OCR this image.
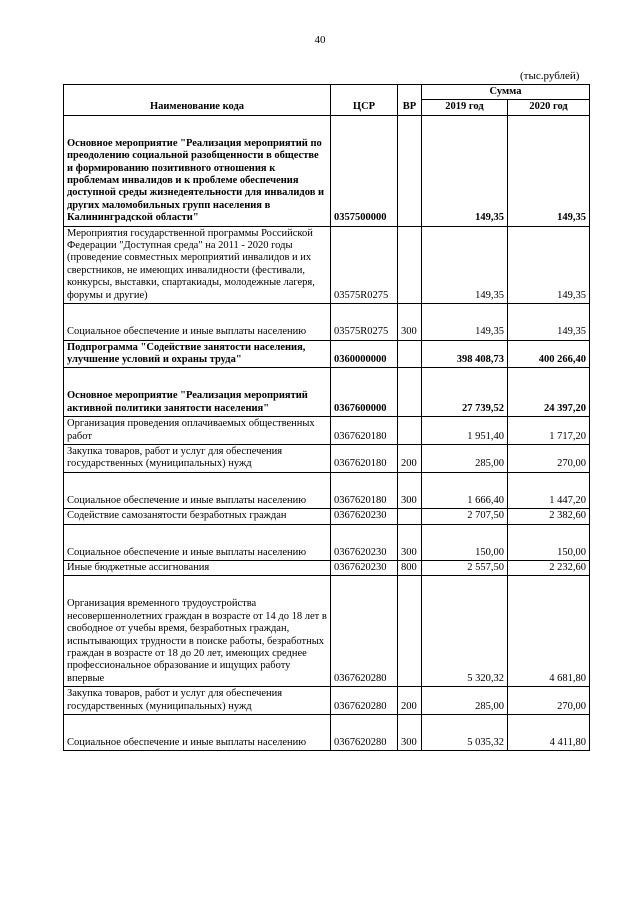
40
(тыс.рублей)
Наименование кода	ЦСР	ВР	Сумма	
			2019 год	2020 год
Основное мероприятие "Реализация мероприятий по преодолению социальной разобщенности в обществе и формированию позитивного отношения к проблемам инвалидов и к проблеме обеспечения доступной среды жизнедеятельности для инвалидов и других маломобильных групп населения в Калининградской области"	0357500000		149,35	149,35
Мероприятия государственной программы Российской Федерации "Доступная среда" на 2011 - 2020 годы (проведение совместных мероприятий инвалидов и их сверстников, не имеющих инвалидности (фестивали, конкурсы, выставки, спартакиады, молодежные лагеря, форумы и другие)	03575R0275		149,35	149,35
Социальное обеспечение и иные выплаты населению	03575R0275	300	149,35	149,35
Подпрограмма "Содействие занятости населения, улучшение условий и охраны труда"	0360000000		398 408,73	400 266,40
Основное мероприятие "Реализация мероприятий активной политики занятости населения"	0367600000		27 739,52	24 397,20
Организация проведения оплачиваемых общественных работ	0367620180		1 951,40	1 717,20
Закупка товаров, работ и услуг для обеспечения государственных (муниципальных) нужд	0367620180	200	285,00	270,00
Социальное обеспечение и иные выплаты населению	0367620180	300	1 666,40	1 447,20
Содействие самозанятости безработных граждан	0367620230		2 707,50	2 382,60
Социальное обеспечение и иные выплаты населению	0367620230	300	150,00	150,00
Иные бюджетные ассигнования	0367620230	800	2 557,50	2 232,60
Организация временного трудоустройства несовершеннолетних граждан в возрасте от 14 до 18 лет в свободное от учебы время, безработных граждан, испытывающих трудности в поиске работы, безработных граждан в возрасте от 18 до 20 лет, имеющих среднее профессиональное образование и ищущих работу впервые	0367620280		5 320,32	4 681,80
Закупка товаров, работ и услуг для обеспечения государственных (муниципальных) нужд	0367620280	200	285,00	270,00
Социальное обеспечение и иные выплаты населению	0367620280	300	5 035,32	4 411,80
